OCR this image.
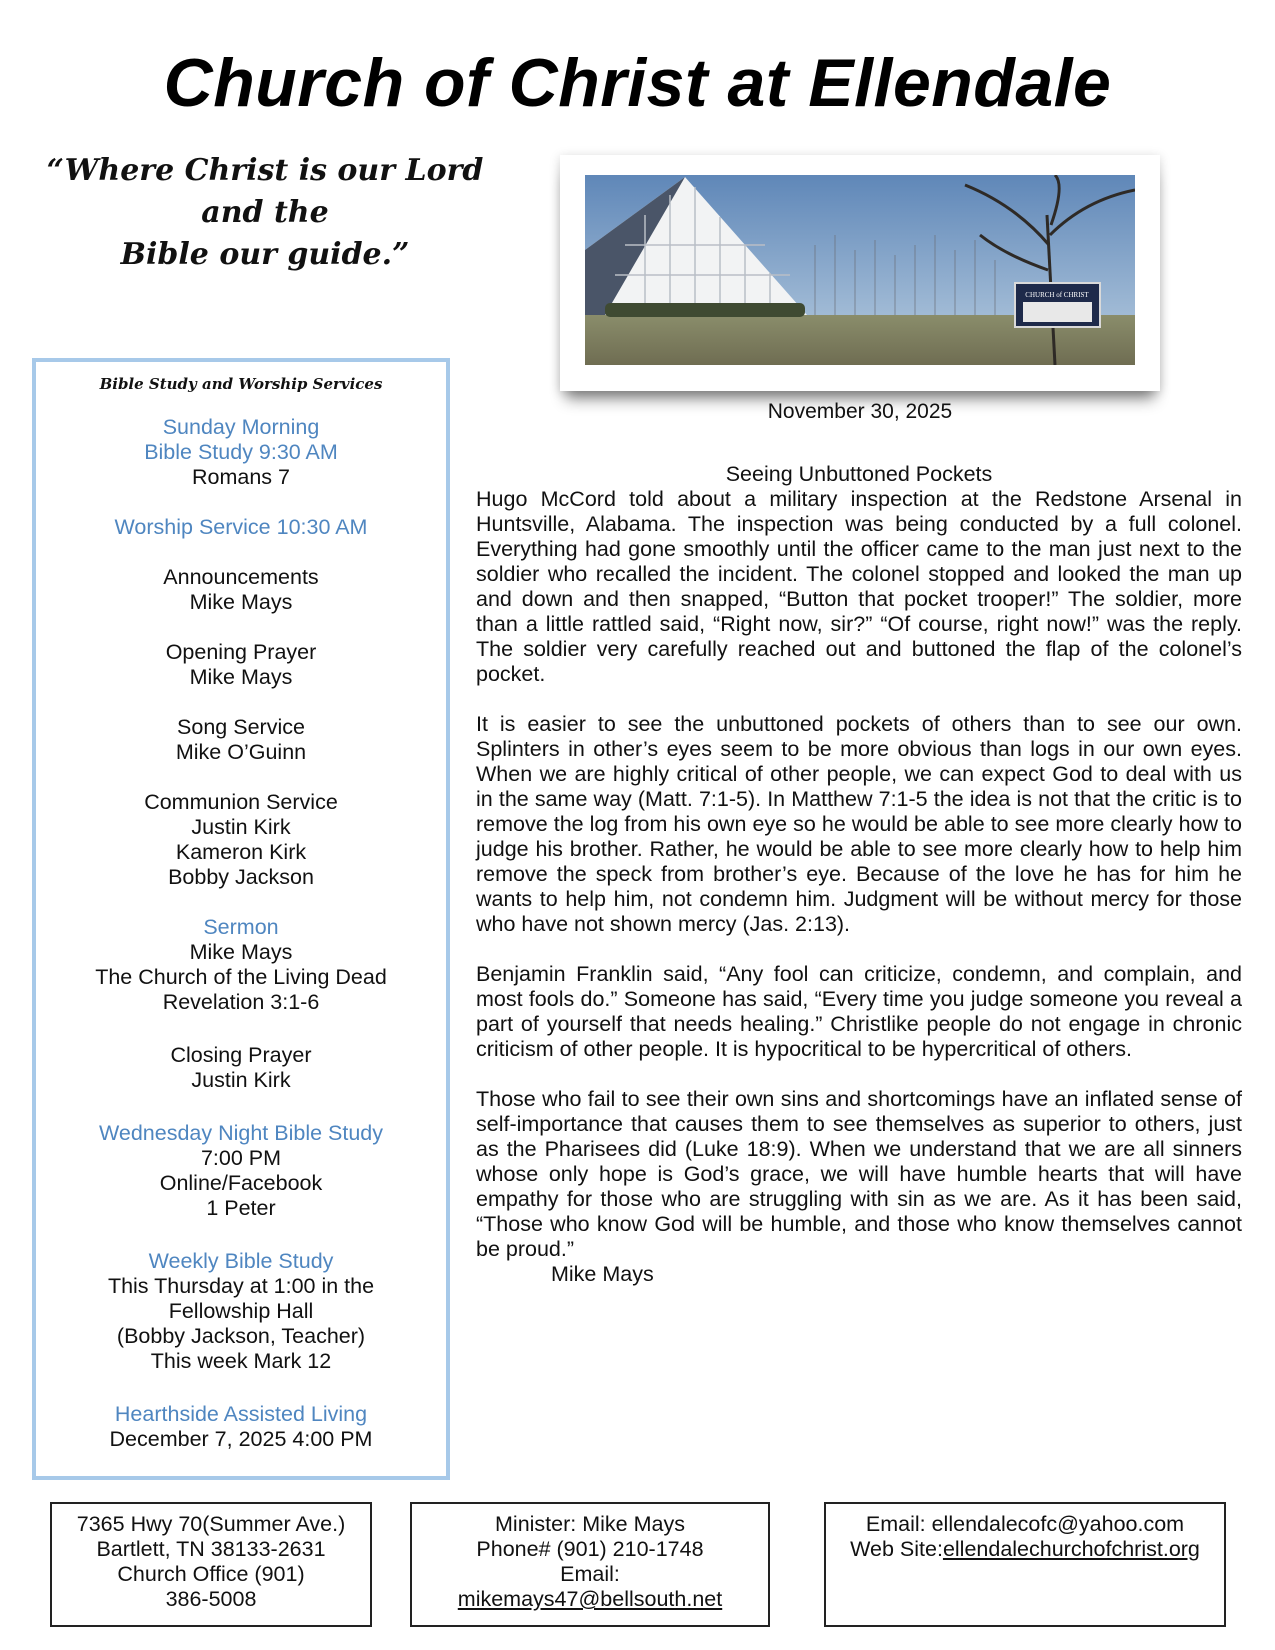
Church of Christ at Ellendale
“Where Christ is our Lord and the
Bible our guide.”
CHURCH of CHRIST
November 30, 2025
Bible Study and Worship Services
Sunday Morning
Bible Study 9:30 AM
Romans 7
Worship Service 10:30 AM
Announcements
Mike Mays
Opening Prayer
Mike Mays
Song Service
Mike O’Guinn
Communion Service
Justin Kirk
Kameron Kirk
Bobby Jackson
Sermon
Mike Mays
The Church of the Living Dead
Revelation 3:1-6
Closing Prayer
Justin Kirk
Wednesday Night Bible Study
7:00 PM
Online/Facebook
1 Peter
Weekly Bible Study
This Thursday at 1:00 in the
Fellowship Hall
(Bobby Jackson, Teacher)
This week Mark 12
Hearthside Assisted Living
December 7, 2025 4:00 PM
Seeing Unbuttoned Pockets

Hugo McCord told about a military inspection at the Redstone Arsenal in Huntsville, Alabama. The inspection was being conducted by a full colonel. Everything had gone smoothly until the officer came to the man just next to the soldier who recalled the incident. The colonel stopped and looked the man up and down and then snapped, “Button that pocket trooper!” The soldier, more than a little rattled said, “Right now, sir?” “Of course, right now!” was the reply. The soldier very carefully reached out and buttoned the flap of the colonel’s pocket.

It is easier to see the unbuttoned pockets of others than to see our own. Splinters in other’s eyes seem to be more obvious than logs in our own eyes. When we are highly critical of other people, we can expect God to deal with us in the same way (Matt. 7:1-5). In Matthew 7:1-5 the idea is not that the critic is to remove the log from his own eye so he would be able to see more clearly how to judge his brother. Rather, he would be able to see more clearly how to help him remove the speck from brother’s eye. Because of the love he has for him he wants to help him, not condemn him. Judgment will be without mercy for those who have not shown mercy (Jas. 2:13).

Benjamin Franklin said, “Any fool can criticize, condemn, and complain, and most fools do.” Someone has said, “Every time you judge someone you reveal a part of yourself that needs healing.” Christlike people do not engage in chronic criticism of other people. It is hypocritical to be hypercritical of others.

Those who fail to see their own sins and shortcomings have an inflated sense of self-importance that causes them to see themselves as superior to others, just as the Pharisees did (Luke 18:9). When we understand that we are all sinners whose only hope is God’s grace, we will have humble hearts that will have empathy for those who are struggling with sin as we are. As it has been said, “Those who know God will be humble, and those who know themselves cannot be proud.”

Mike Mays
7365 Hwy 70(Summer Ave.)
Bartlett, TN 38133-2631
Church Office (901)
386-5008
Minister: Mike Mays
Phone# (901) 210-1748
Email:
mikemays47@bellsouth.net
Email: ellendalecofc@yahoo.com
Web Site:ellendalechurchofchrist.org
